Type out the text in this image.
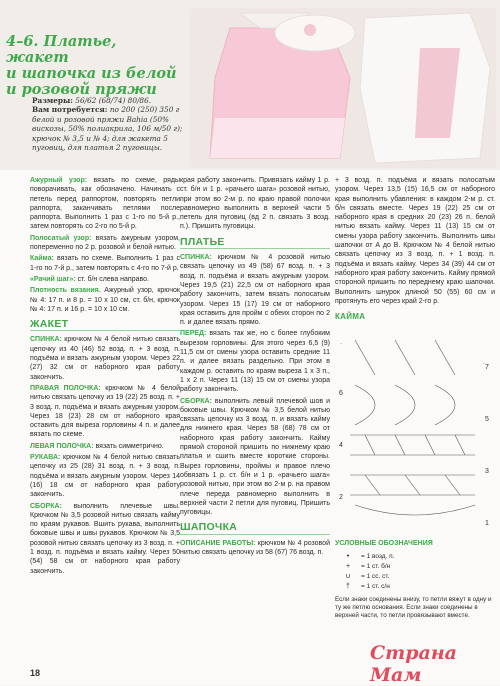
4–6. Платье, жакет
и шапочка из белой
и розовой пряжи
Размеры: 56/62 (68/74) 80/86.
Вам потребуется: по 200 (250) 350 г белой и розовой пряжи Bahia (50% вискозы, 50% полиакрила, 106 м/50 г); крючок № 3,5 и № 4; для жакета 5 пуговиц, для платья 2 пуговицы.
Ажурный узор: вязать по схеме, ряды поворачивать, как обозначено. Начинать с петель перед раппортом, повторять петли раппорта, заканчивать петлями после раппорта. Выполнить 1 раз с 1-го по 5-й р., затем повторять со 2-го по 5-й р.
Полосатый узор: вязать ажурным узором, попеременно по 2 р. розовой и белой нитью.
Кайма: вязать по схеме. Выполнить 1 раз с 1-го по 7-й р., затем повторять с 4-го по 7-й р.
«Рачий шаг»: ст. б/н слева направо.
Плотность вязания. Ажурный узор, крючок № 4: 17 п. и 8 р. = 10 х 10 см, ст. б/н, крючок № 4: 17 п. и 16 р. = 10 х 10 см.
ЖАКЕТ
СПИНКА: крючком № 4 белой нитью связать цепочку из 40 (46) 52 возд. п. + 3 возд. п. подъёма и вязать ажурным узором. Через 22 (27) 32 см от наборного края работу закончить.
ПРАВАЯ ПОЛОЧКА: крючком № 4 белой нитью связать цепочку из 19 (22) 25 возд. п. + 3 возд. п. подъёма и вязать ажурным узором. Через 18 (23) 28 см от наборного края оставить для выреза горловины 4 п. и далее вязать по схеме.
ЛЕВАЯ ПОЛОЧКА: вязать симметрично.
РУКАВА: крючком № 4 белой нитью связать цепочку из 25 (28) 31 возд. п. + 3 возд. п. подъёма и вязать ажурным узором. Через 14 (16) 18 см от наборного края работу закончить.
СБОРКА: выполнить плечевые швы. Крючком № 3,5 розовой нитью связать кайму по краям рукавов. Вшить рукава, выполнить боковые швы и швы рукавов. Крючком № 3,5 розовой нитью связать цепочку из 3 возд. п. + 1 возд. п. подъёма и вязать кайму. Через 50 (54) 58 см от наборного края работу закончить.
края работу закончить. Привязать кайму 1 р. ст. б/н и 1 р. «рачьего шага» розовой нитью, при этом во 2-м р. по краю правой полочки равномерно выполнить в верхней части 5 петель для пуговиц (вд 2 п. связать 3 возд. п.). Пришить пуговицы.
ПЛАТЬЕ
СПИНКА: крючком № 4 розовой нитью связать цепочку из 49 (58) 67 возд. п. + 3 возд. п. подъёма и вязать ажурным узором. Через 19,5 (21) 22,5 см от наборного края работу закончить, затем вязать полосатым узором. Через 15 (17) 19 см от наборного края оставить для пройм с обеих сторон по 2 п. и далее вязать прямо.
ПЕРЕД: вязать так же, но с более глубоким вырезом горловины. Для этого через 6,5 (9) 11,5 см от смены узора оставить средние 11 п. и далее вязать раздельно. При этом в каждом р. оставить по краям выреза 1 х 3 п., 1 х 2 п. Через 11 (13) 15 см от смены узора работу закончить.
СБОРКА: выполнить левый плечевой шов и боковые швы. Крючком № 3,5 белой нитью связать цепочку из 3 возд. п. и вязать кайму для нижнего края. Через 58 (68) 78 см от наборного края работу закончить. Кайму прямой стороной пришить по нижнему краю платья и сшить вместе короткие стороны. Вырез горловины, проймы и правое плечо обвязать 1 р. ст. б/н и 1 р. «рачьего шага» розовой нитью, при этом во 2-м р. на правом плече переда равномерно выполнить в верхней части 2 петли для пуговиц. Пришить пуговицы.
ШАПОЧКА
ОПИСАНИЕ РАБОТЫ: крючком № 4 розовой нитью связать цепочку из 58 (67) 76 возд. п.
+ 3 возд. п. подъёма и вязать полосатым узором. Через 13,5 (15) 16,5 см от наборного края выполнить убавления: в каждом 2-м р. ст. б/н связать вместе. Через 19 (22) 25 см от наборного края в средних 20 (23) 26 п. белой нитью вязать кайму. Через 11 (13) 15 см от смены узора работу закончить. Выполнить швы шапочки от А до В. Крючком № 4 белой нитью связать цепочку из 3 возд. п. + 1 возд. п. подъёма и вязать кайму. Через 34 (39) 44 см от наборного края работу закончить. Кайму прямой стороной пришить по переднему краю шапочки. Выполнить шнурок длиной 50 (55) 60 см и протянуть его через край 2-го р.
КАЙМА
·
·
1
2
3
4
5
6
7
УСЛОВНЫЕ ОБОЗНАЧЕНИЯ
•	= 1 возд. п.
+	= 1 ст. б/н
∪	= 1 сс. ст.
†	= 1 ст. с/н
Если знаки соединены внизу, то петли вяжут в одну и ту же петлю основания. Если знаки соединены в верхней части, то петли провязывают вместе.
18
Страна Мам
